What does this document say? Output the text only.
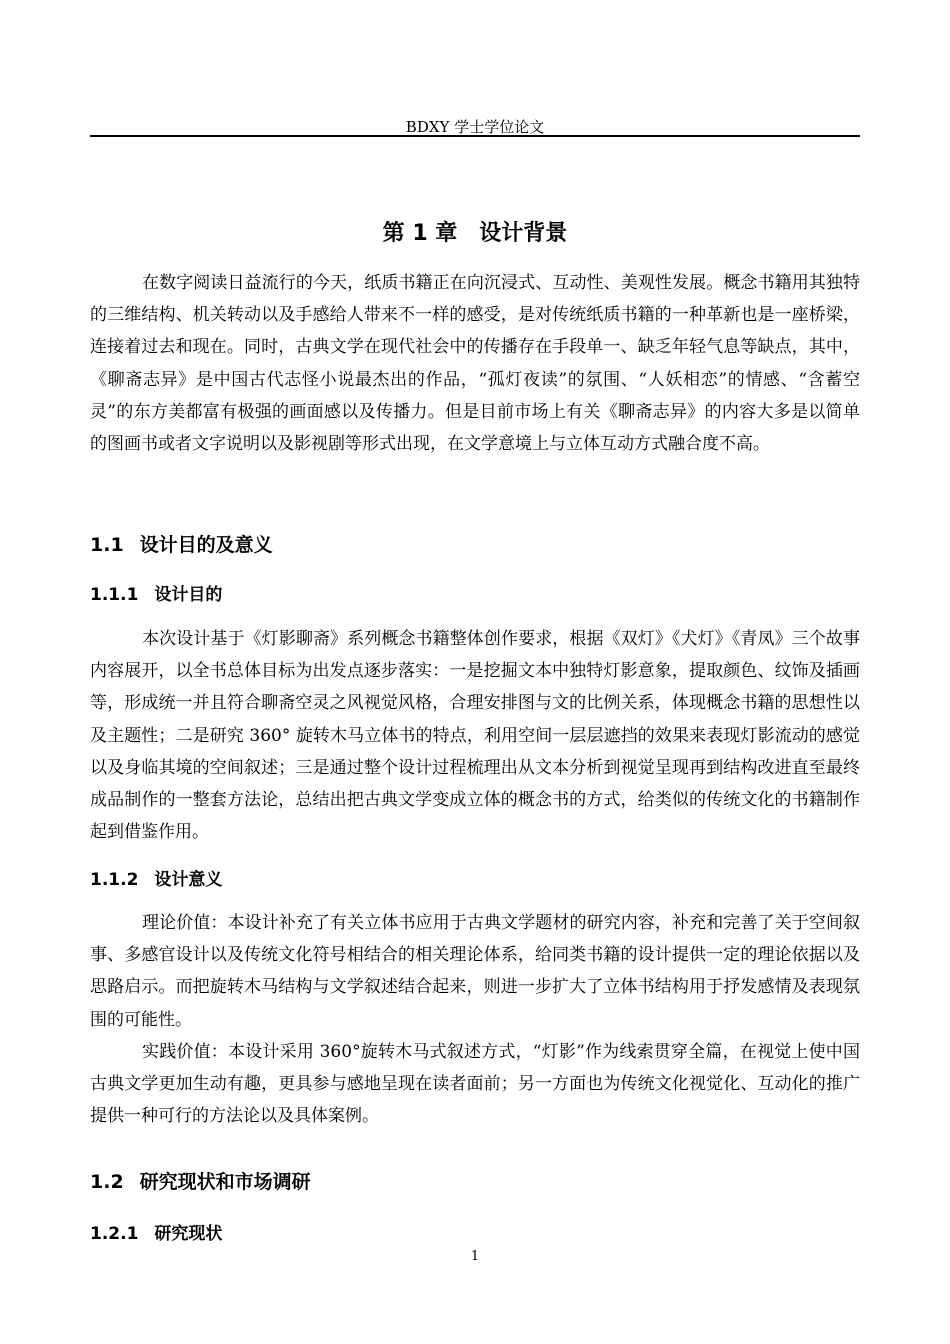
BDXY 学士学位论文
第 1 章　设计背景

在数字阅读日益流行的今天，纸质书籍正在向沉浸式、互动性、美观性发展。概念书籍用其独特的三维结构、机关转动以及手感给人带来不一样的感受，是对传统纸质书籍的一种革新也是一座桥梁，连接着过去和现在。同时，古典文学在现代社会中的传播存在手段单一、缺乏年轻气息等缺点，其中，《聊斋志异》是中国古代志怪小说最杰出的作品，“孤灯夜读”的氛围、“人妖相恋”的情感、“含蓄空灵”的东方美都富有极强的画面感以及传播力。但是目前市场上有关《聊斋志异》的内容大多是以简单的图画书或者文字说明以及影视剧等形式出现，在文学意境上与立体互动方式融合度不高。

1.1 设计目的及意义
1.1.1 设计目的

本次设计基于《灯影聊斋》系列概念书籍整体创作要求，根据《双灯》《犬灯》《青凤》三个故事内容展开，以全书总体目标为出发点逐步落实：一是挖掘文本中独特灯影意象，提取颜色、纹饰及插画等，形成统一并且符合聊斋空灵之风视觉风格，合理安排图与文的比例关系，体现概念书籍的思想性以及主题性；二是研究 360° 旋转木马立体书的特点，利用空间一层层遮挡的效果来表现灯影流动的感觉以及身临其境的空间叙述；三是通过整个设计过程梳理出从文本分析到视觉呈现再到结构改进直至最终成品制作的一整套方法论，总结出把古典文学变成立体的概念书的方式，给类似的传统文化的书籍制作起到借鉴作用。

1.1.2 设计意义

理论价值：本设计补充了有关立体书应用于古典文学题材的研究内容，补充和完善了关于空间叙事、多感官设计以及传统文化符号相结合的相关理论体系，给同类书籍的设计提供一定的理论依据以及思路启示。而把旋转木马结构与文学叙述结合起来，则进一步扩大了立体书结构用于抒发感情及表现氛围的可能性。

实践价值：本设计采用 360°旋转木马式叙述方式，“灯影”作为线索贯穿全篇，在视觉上使中国古典文学更加生动有趣，更具参与感地呈现在读者面前；另一方面也为传统文化视觉化、互动化的推广提供一种可行的方法论以及具体案例。

1.2 研究现状和市场调研
1.2.1 研究现状
1
